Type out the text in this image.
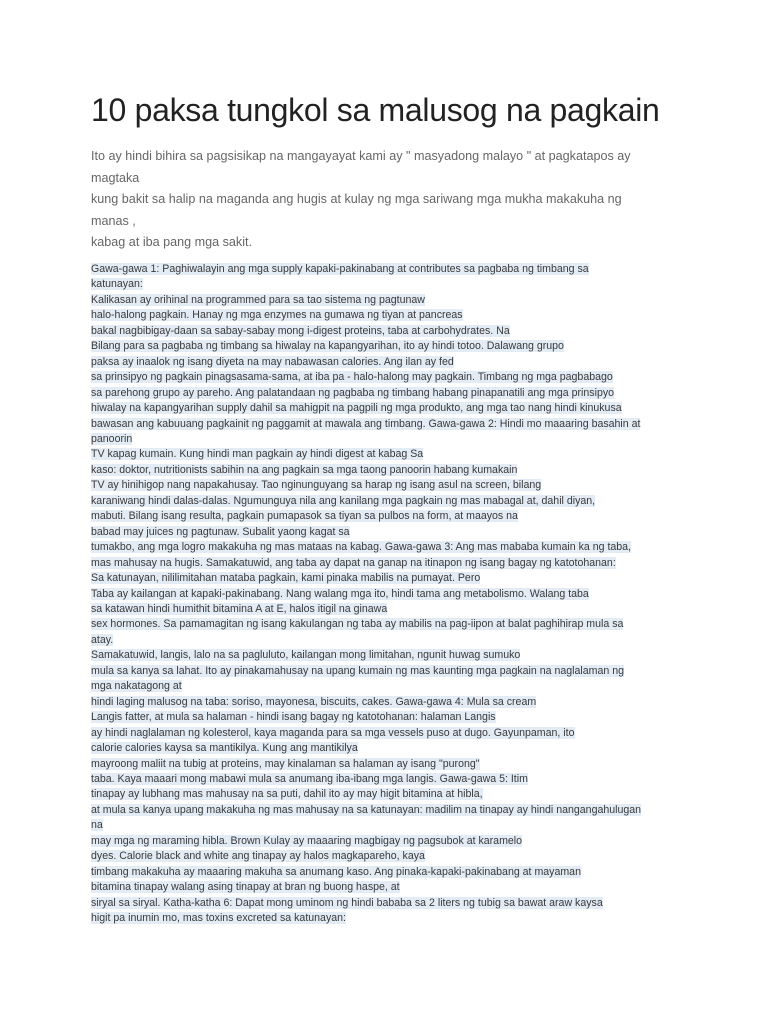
10 paksa tungkol sa malusog na pagkain
Ito ay hindi bihira sa pagsisikap na mangayayat kami ay " masyadong malayo " at pagkatapos ay
magtaka
kung bakit sa halip na maganda ang hugis at kulay ng mga sariwang mga mukha makakuha ng
manas ,
kabag at iba pang mga sakit.
Gawa-gawa 1: Paghiwalayin ang mga supply kapaki-pakinabang at contributes sa pagbaba ng timbang sa
katunayan:
Kalikasan ay orihinal na programmed para sa tao sistema ng pagtunaw
halo-halong pagkain. Hanay ng mga enzymes na gumawa ng tiyan at pancreas
bakal nagbibigay-daan sa sabay-sabay mong i-digest proteins, taba at carbohydrates. Na
Bilang para sa pagbaba ng timbang sa hiwalay na kapangyarihan, ito ay hindi totoo. Dalawang grupo
paksa ay inaalok ng isang diyeta na may nabawasan calories. Ang ilan ay fed
sa prinsipyo ng pagkain pinagsasama-sama, at iba pa - halo-halong may pagkain. Timbang ng mga pagbabago
sa parehong grupo ay pareho. Ang palatandaan ng pagbaba ng timbang habang pinapanatili ang mga prinsipyo
hiwalay na kapangyarihan supply dahil sa mahigpit na pagpili ng mga produkto, ang mga tao nang hindi kinukusa
bawasan ang kabuuang pagkainit ng paggamit at mawala ang timbang. Gawa-gawa 2: Hindi mo maaaring basahin at
panoorin
TV kapag kumain. Kung hindi man pagkain ay hindi digest at kabag Sa
kaso: doktor, nutritionists sabihin na ang pagkain sa mga taong panoorin habang kumakain
TV ay hinihigop nang napakahusay. Tao nginunguyang sa harap ng isang asul na screen, bilang
karaniwang hindi dalas-dalas. Ngumunguya nila ang kanilang mga pagkain ng mas mabagal at, dahil diyan,
mabuti. Bilang isang resulta, pagkain pumapasok sa tiyan sa pulbos na form, at maayos na
babad may juices ng pagtunaw. Subalit yaong kagat sa
tumakbo, ang mga logro makakuha ng mas mataas na kabag. Gawa-gawa 3: Ang mas mababa kumain ka ng taba,
mas mahusay na hugis. Samakatuwid, ang taba ay dapat na ganap na itinapon ng isang bagay ng katotohanan:
Sa katunayan, nililimitahan mataba pagkain, kami pinaka mabilis na pumayat. Pero
Taba ay kailangan at kapaki-pakinabang. Nang walang mga ito, hindi tama ang metabolismo. Walang taba
sa katawan hindi humithit bitamina A at E, halos itigil na ginawa
sex hormones. Sa pamamagitan ng isang kakulangan ng taba ay mabilis na pag-iipon at balat paghihirap mula sa
atay.
Samakatuwid, langis, lalo na sa pagluluto, kailangan mong limitahan, ngunit huwag sumuko
mula sa kanya sa lahat. Ito ay pinakamahusay na upang kumain ng mas kaunting mga pagkain na naglalaman ng
mga nakatagong at
hindi laging malusog na taba: soriso, mayonesa, biscuits, cakes. Gawa-gawa 4: Mula sa cream
Langis fatter, at mula sa halaman - hindi isang bagay ng katotohanan: halaman Langis
ay hindi naglalaman ng kolesterol, kaya maganda para sa mga vessels puso at dugo. Gayunpaman, ito
calorie calories kaysa sa mantikilya. Kung ang mantikilya
mayroong maliit na tubig at proteins, may kinalaman sa halaman ay isang "purong"
taba. Kaya maaari mong mabawi mula sa anumang iba-ibang mga langis. Gawa-gawa 5: Itim
tinapay ay lubhang mas mahusay na sa puti, dahil ito ay may higit bitamina at hibla,
at mula sa kanya upang makakuha ng mas mahusay na sa katunayan: madilim na tinapay ay hindi nangangahulugan
na
may mga ng maraming hibla. Brown Kulay ay maaaring magbigay ng pagsubok at karamelo
dyes. Calorie black and white ang tinapay ay halos magkapareho, kaya
timbang makakuha ay maaaring makuha sa anumang kaso. Ang pinaka-kapaki-pakinabang at mayaman
bitamina tinapay walang asing tinapay at bran ng buong haspe, at
siryal sa siryal. Katha-katha 6: Dapat mong uminom ng hindi bababa sa 2 liters ng tubig sa bawat araw kaysa
higit pa inumin mo, mas toxins excreted sa katunayan:
